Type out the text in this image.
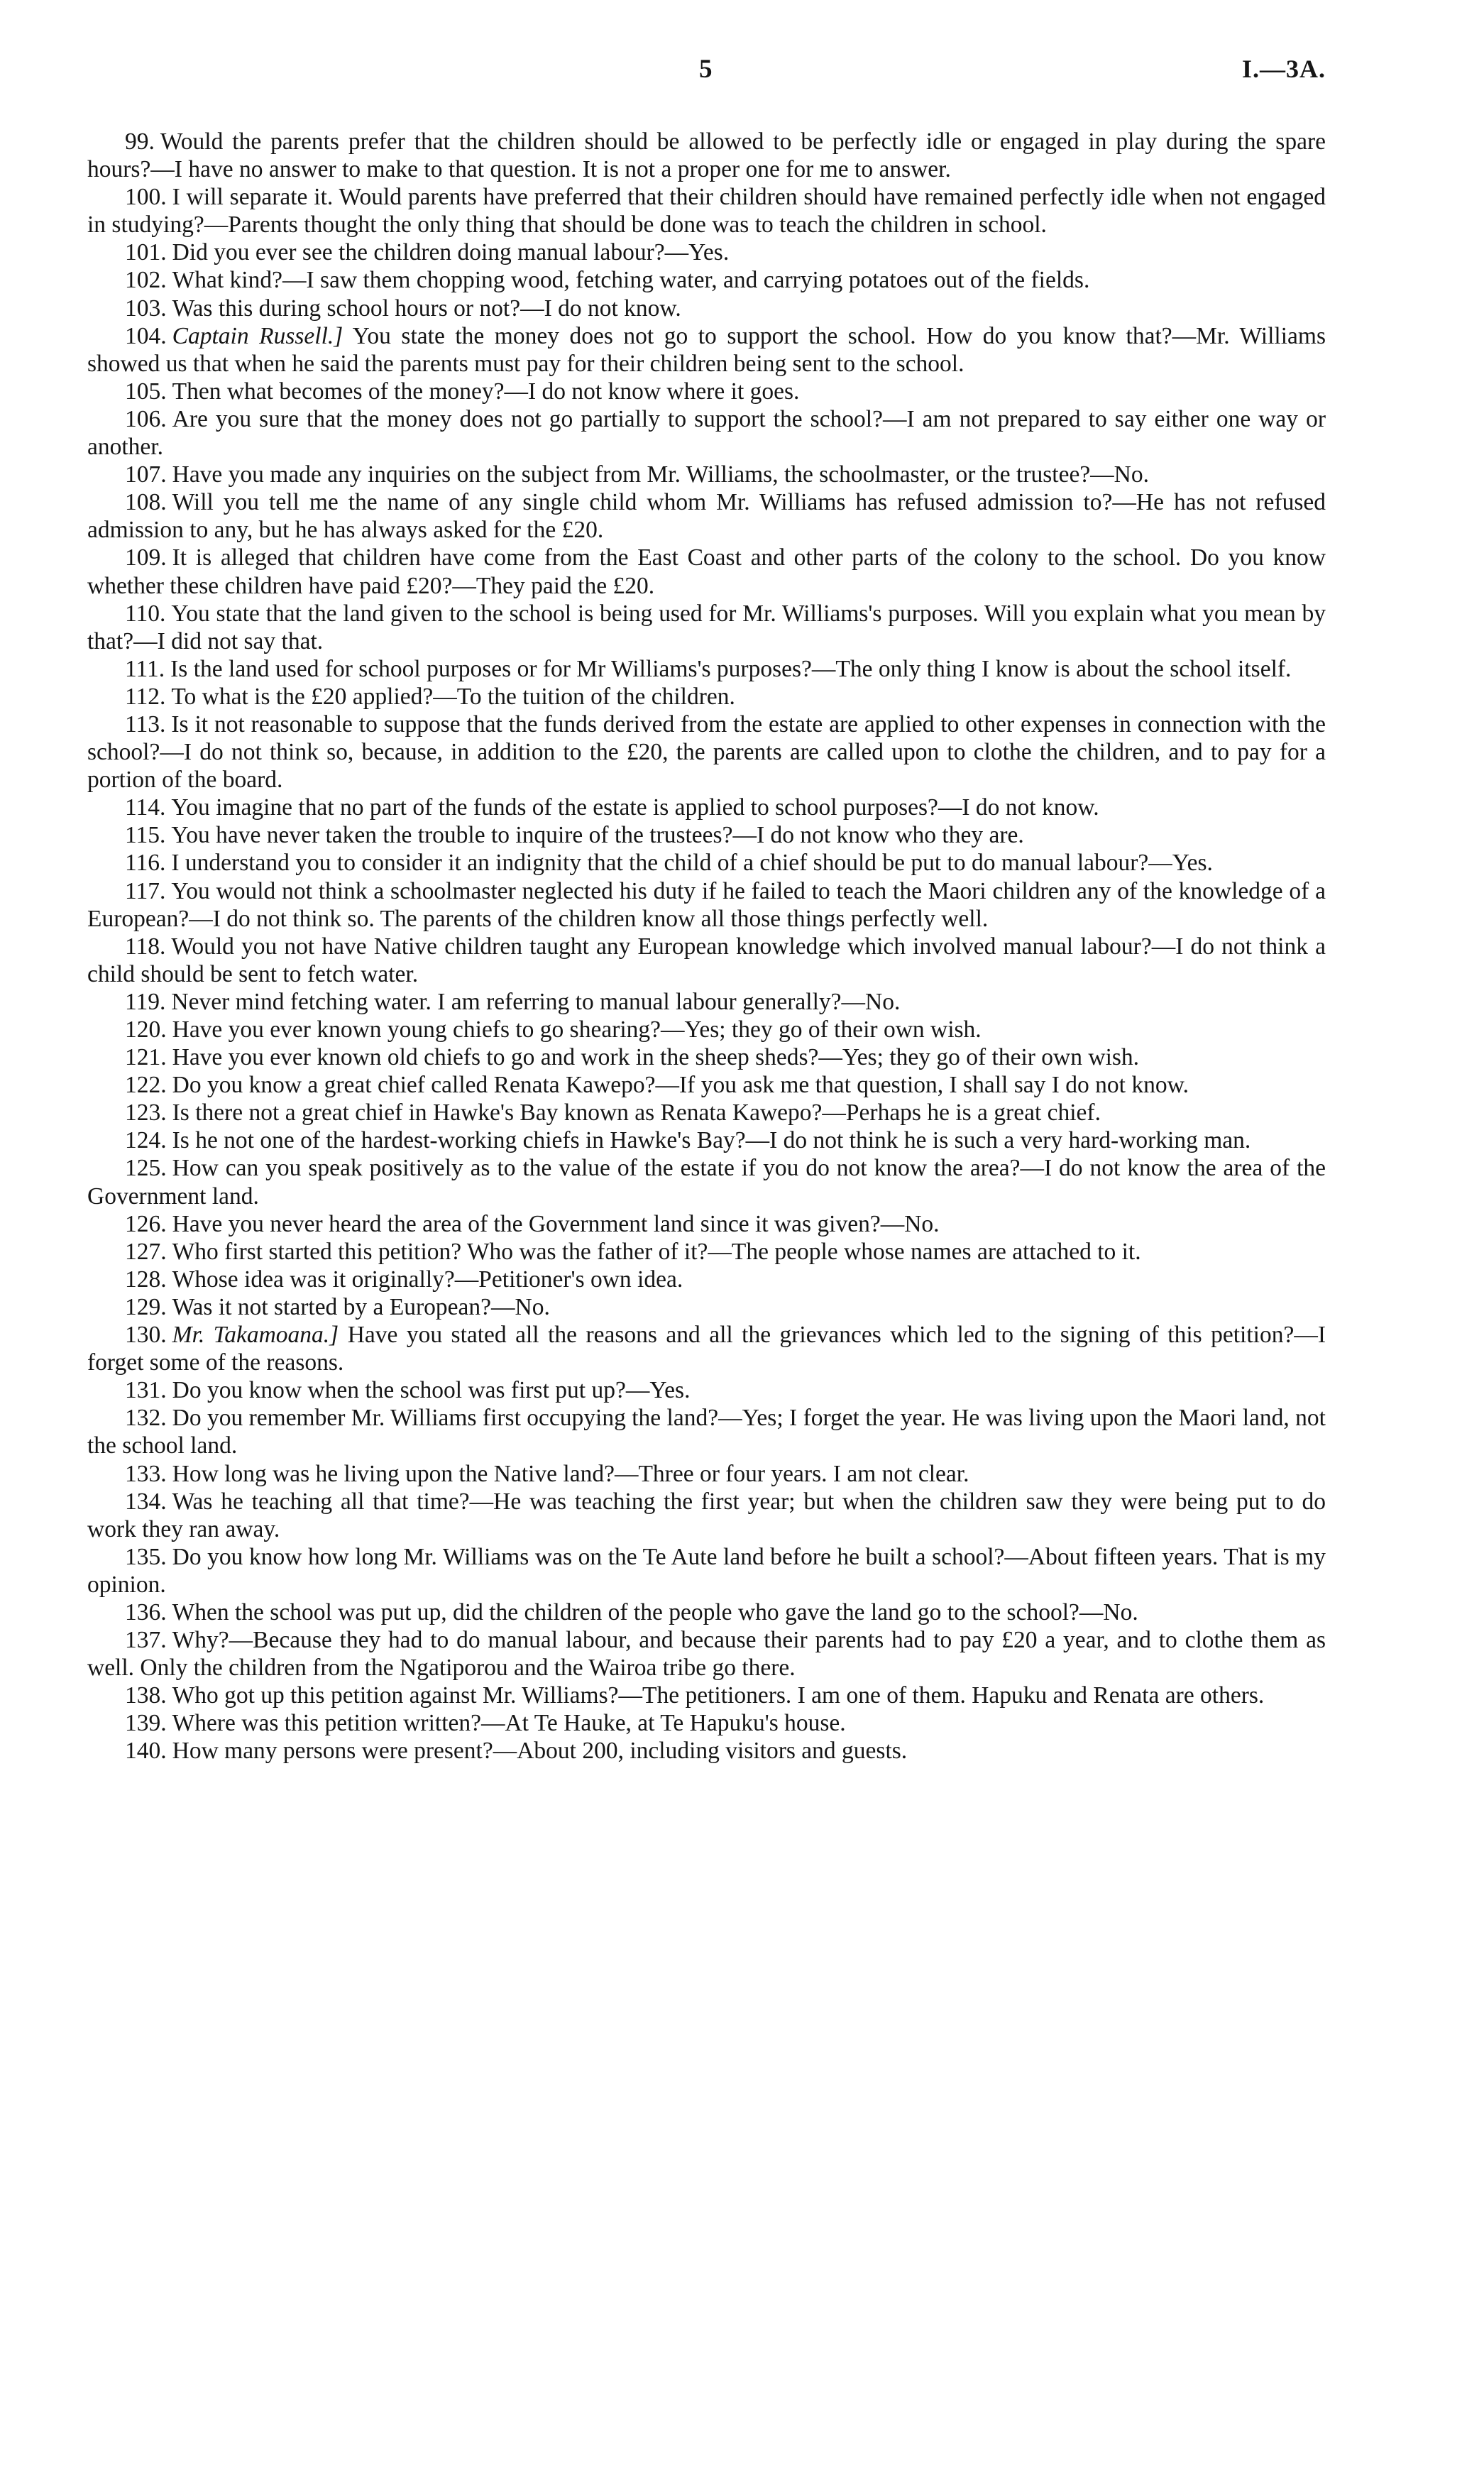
5	I.—3A.

99. Would the parents prefer that the children should be allowed to be perfectly idle or engaged in play during the spare hours?—I have no answer to make to that question. It is not a proper one for me to answer.

100. I will separate it. Would parents have preferred that their children should have remained perfectly idle when not engaged in studying?—Parents thought the only thing that should be done was to teach the children in school.

101. Did you ever see the children doing manual labour?—Yes.

102. What kind?—I saw them chopping wood, fetching water, and carrying potatoes out of the fields.

103. Was this during school hours or not?—I do not know.

104. Captain Russell.] You state the money does not go to support the school. How do you know that?—Mr. Williams showed us that when he said the parents must pay for their children being sent to the school.

105. Then what becomes of the money?—I do not know where it goes.

106. Are you sure that the money does not go partially to support the school?—I am not prepared to say either one way or another.

107. Have you made any inquiries on the subject from Mr. Williams, the schoolmaster, or the trustee?—No.

108. Will you tell me the name of any single child whom Mr. Williams has refused admission to?—He has not refused admission to any, but he has always asked for the £20.

109. It is alleged that children have come from the East Coast and other parts of the colony to the school. Do you know whether these children have paid £20?—They paid the £20.

110. You state that the land given to the school is being used for Mr. Williams's purposes. Will you explain what you mean by that?—I did not say that.

111. Is the land used for school purposes or for Mr Williams's purposes?—The only thing I know is about the school itself.

112. To what is the £20 applied?—To the tuition of the children.

113. Is it not reasonable to suppose that the funds derived from the estate are applied to other expenses in connection with the school?—I do not think so, because, in addition to the £20, the parents are called upon to clothe the children, and to pay for a portion of the board.

114. You imagine that no part of the funds of the estate is applied to school purposes?—I do not know.

115. You have never taken the trouble to inquire of the trustees?—I do not know who they are.

116. I understand you to consider it an indignity that the child of a chief should be put to do manual labour?—Yes.

117. You would not think a schoolmaster neglected his duty if he failed to teach the Maori children any of the knowledge of a European?—I do not think so. The parents of the children know all those things perfectly well.

118. Would you not have Native children taught any European knowledge which involved manual labour?—I do not think a child should be sent to fetch water.

119. Never mind fetching water. I am referring to manual labour generally?—No.

120. Have you ever known young chiefs to go shearing?—Yes; they go of their own wish.

121. Have you ever known old chiefs to go and work in the sheep sheds?—Yes; they go of their own wish.

122. Do you know a great chief called Renata Kawepo?—If you ask me that question, I shall say I do not know.

123. Is there not a great chief in Hawke's Bay known as Renata Kawepo?—Perhaps he is a great chief.

124. Is he not one of the hardest-working chiefs in Hawke's Bay?—I do not think he is such a very hard-working man.

125. How can you speak positively as to the value of the estate if you do not know the area?—I do not know the area of the Government land.

126. Have you never heard the area of the Government land since it was given?—No.

127. Who first started this petition? Who was the father of it?—The people whose names are attached to it.

128. Whose idea was it originally?—Petitioner's own idea.

129. Was it not started by a European?—No.

130. Mr. Takamoana.] Have you stated all the reasons and all the grievances which led to the signing of this petition?—I forget some of the reasons.

131. Do you know when the school was first put up?—Yes.

132. Do you remember Mr. Williams first occupying the land?—Yes; I forget the year. He was living upon the Maori land, not the school land.

133. How long was he living upon the Native land?—Three or four years. I am not clear.

134. Was he teaching all that time?—He was teaching the first year; but when the children saw they were being put to do work they ran away.

135. Do you know how long Mr. Williams was on the Te Aute land before he built a school?—About fifteen years. That is my opinion.

136. When the school was put up, did the children of the people who gave the land go to the school?—No.

137. Why?—Because they had to do manual labour, and because their parents had to pay £20 a year, and to clothe them as well. Only the children from the Ngatiporou and the Wairoa tribe go there.

138. Who got up this petition against Mr. Williams?—The petitioners. I am one of them. Hapuku and Renata are others.

139. Where was this petition written?—At Te Hauke, at Te Hapuku's house.

140. How many persons were present?—About 200, including visitors and guests.
